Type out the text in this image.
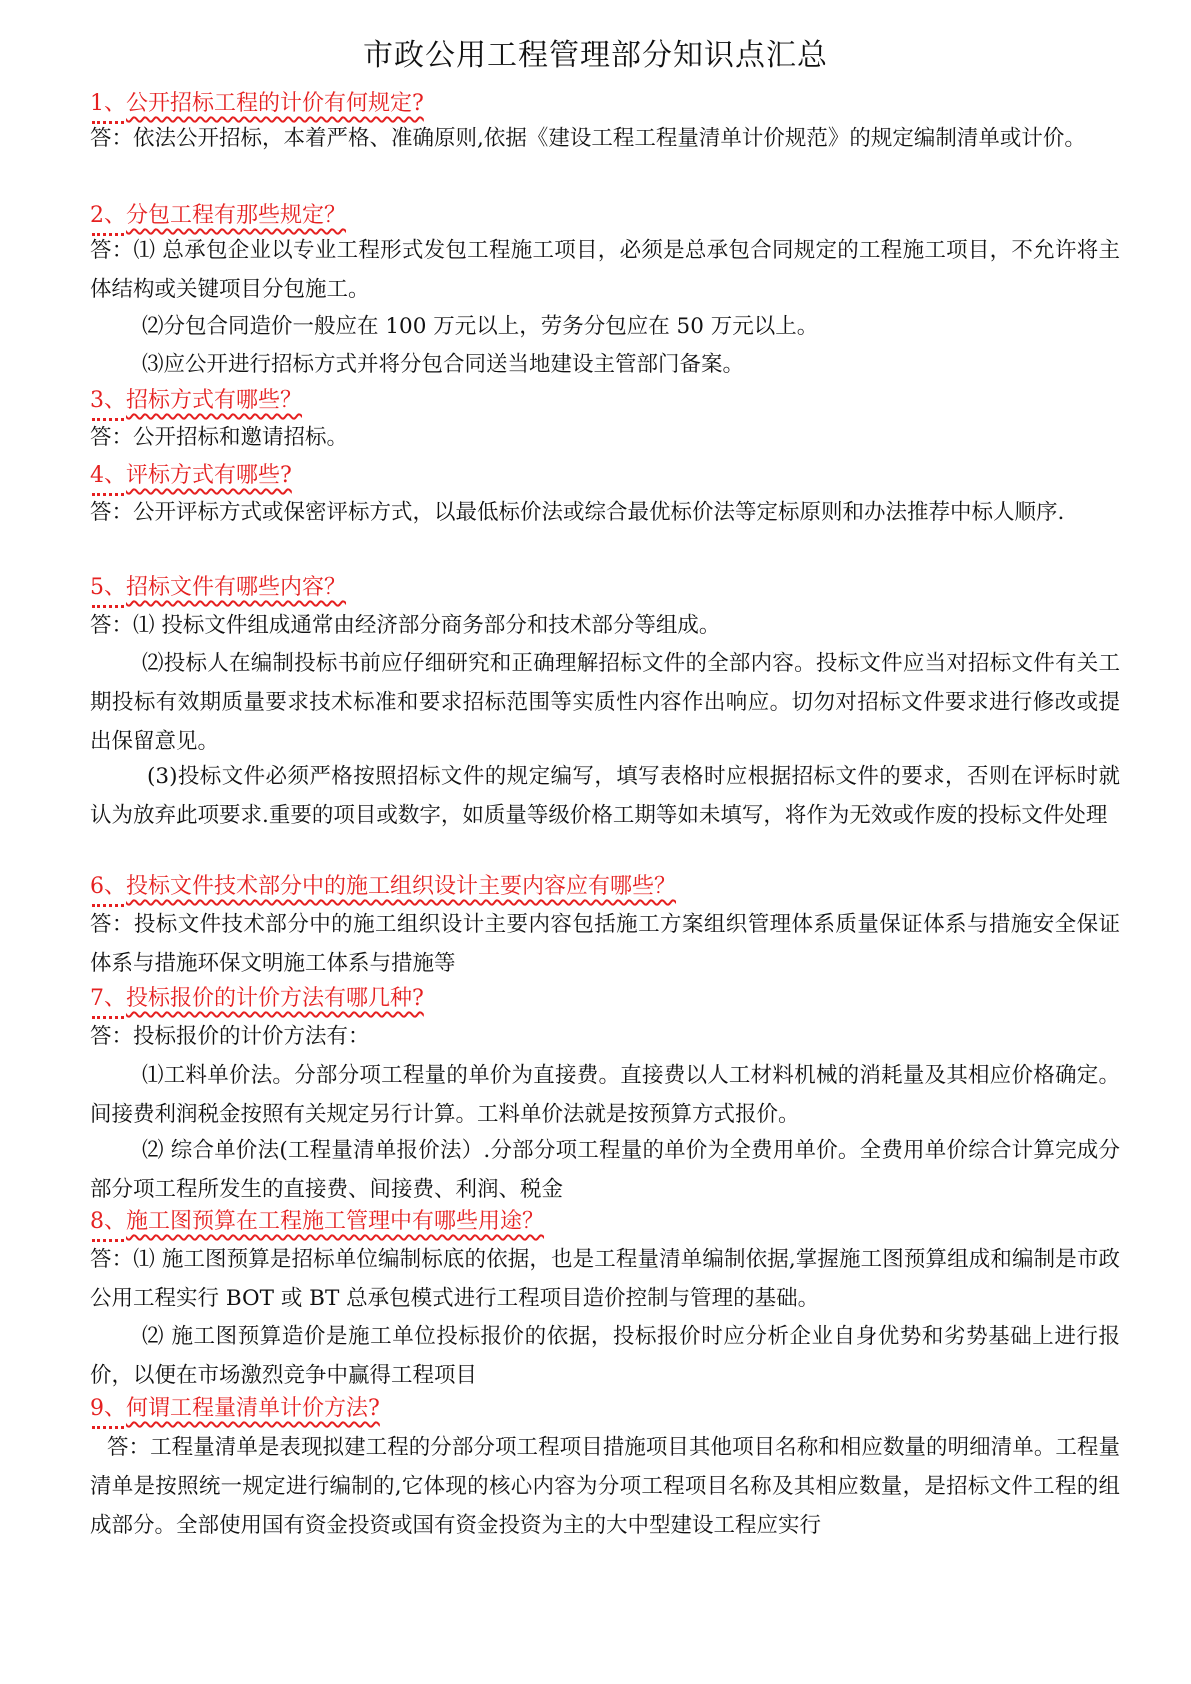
市政公用工程管理部分知识点汇总
1、公开招标工程的计价有何规定?

答：依法公开招标，本着严格、准确原则,依据《建设工程工程量清单计价规范》的规定编制清单或计价。

2、分包工程有那些规定？

答：⑴ 总承包企业以专业工程形式发包工程施工项目，必须是总承包合同规定的工程施工项目，不允许将主体结构或关键项目分包施工。

⑵分包合同造价一般应在 100 万元以上，劳务分包应在 50 万元以上。

⑶应公开进行招标方式并将分包合同送当地建设主管部门备案。

3、招标方式有哪些？

答：公开招标和邀请招标。

4、评标方式有哪些?

答：公开评标方式或保密评标方式，以最低标价法或综合最优标价法等定标原则和办法推荐中标人顺序.

5、招标文件有哪些内容？

答：⑴ 投标文件组成通常由经济部分商务部分和技术部分等组成。

⑵投标人在编制投标书前应仔细研究和正确理解招标文件的全部内容。投标文件应当对招标文件有关工期投标有效期质量要求技术标准和要求招标范围等实质性内容作出响应。切勿对招标文件要求进行修改或提出保留意见。

(3)投标文件必须严格按照招标文件的规定编写，填写表格时应根据招标文件的要求，否则在评标时就认为放弃此项要求.重要的项目或数字，如质量等级价格工期等如未填写，将作为无效或作废的投标文件处理

6、投标文件技术部分中的施工组织设计主要内容应有哪些？

答：投标文件技术部分中的施工组织设计主要内容包括施工方案组织管理体系质量保证体系与措施安全保证体系与措施环保文明施工体系与措施等

7、投标报价的计价方法有哪几种?

答：投标报价的计价方法有：

⑴工料单价法。分部分项工程量的单价为直接费。直接费以人工材料机械的消耗量及其相应价格确定。间接费利润税金按照有关规定另行计算。工料单价法就是按预算方式报价。

⑵ 综合单价法(工程量清单报价法）.分部分项工程量的单价为全费用单价。全费用单价综合计算完成分部分项工程所发生的直接费、间接费、利润、税金

8、施工图预算在工程施工管理中有哪些用途？

答：⑴ 施工图预算是招标单位编制标底的依据，也是工程量清单编制依据,掌握施工图预算组成和编制是市政公用工程实行 BOT 或 BT 总承包模式进行工程项目造价控制与管理的基础。

⑵ 施工图预算造价是施工单位投标报价的依据，投标报价时应分析企业自身优势和劣势基础上进行报价，以便在市场激烈竞争中赢得工程项目

9、何谓工程量清单计价方法?

答：工程量清单是表现拟建工程的分部分项工程项目措施项目其他项目名称和相应数量的明细清单。工程量清单是按照统一规定进行编制的,它体现的核心内容为分项工程项目名称及其相应数量，是招标文件工程的组成部分。全部使用国有资金投资或国有资金投资为主的大中型建设工程应实行
